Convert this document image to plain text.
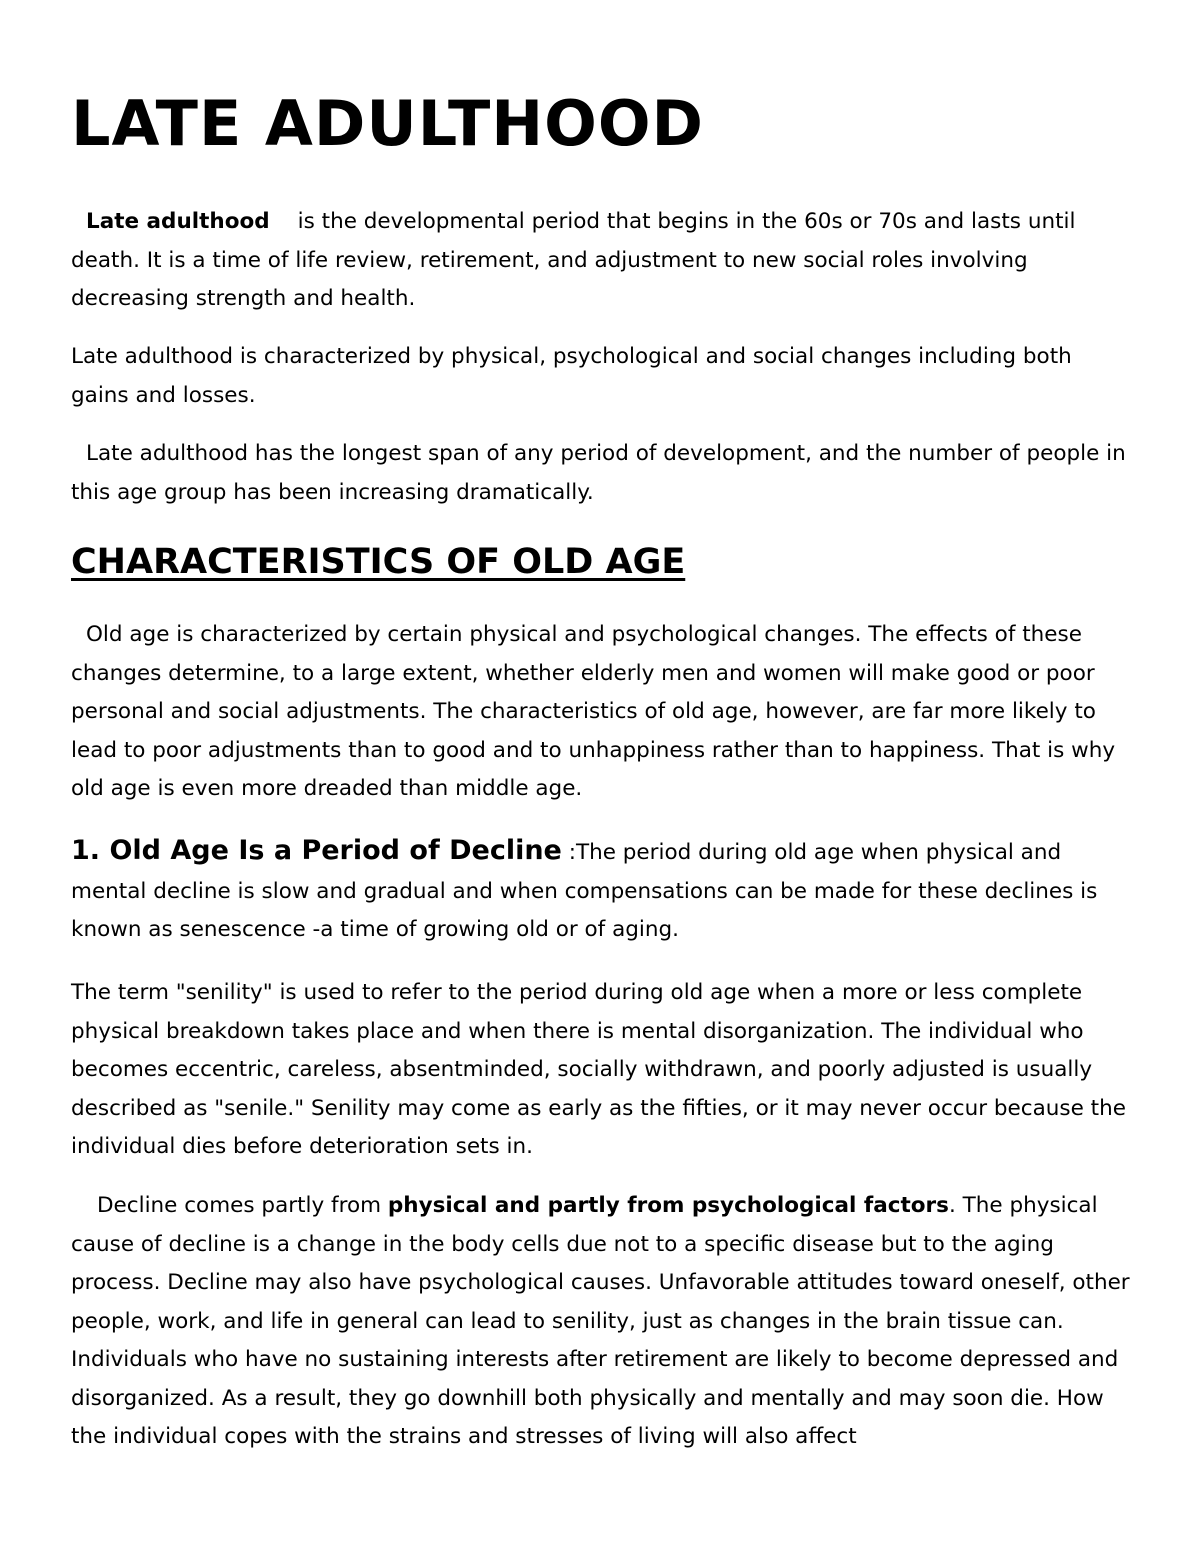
LATE ADULTHOOD

Late adulthood is the developmental period that begins in the 60s or 70s and lasts until death. It is a time of life review, retirement, and adjustment to new social roles involving decreasing strength and health.

Late adulthood is characterized by physical, psychological and social changes including both gains and losses.

Late adulthood has the longest span of any period of development, and the number of people in this age group has been increasing dramatically.

CHARACTERISTICS OF OLD AGE

Old age is characterized by certain physical and psychological changes. The effects of these changes determine, to a large extent, whether elderly men and women will make good or poor personal and social adjustments. The characteristics of old age, however, are far more likely to lead to poor adjustments than to good and to unhappiness rather than to happiness. That is why old age is even more dreaded than middle age.

1. Old Age Is a Period of Decline :The period during old age when physical and mental decline is slow and gradual and when compensations can be made for these declines is known as senescence -a time of growing old or of aging.

The term "senility" is used to refer to the period during old age when a more or less complete physical breakdown takes place and when there is mental disorganization. The individual who becomes eccentric, careless, absentminded, socially withdrawn, and poorly adjusted is usually described as "senile." Senility may come as early as the fifties, or it may never occur because the individual dies before deterioration sets in.

Decline comes partly from physical and partly from psychological factors. The physical cause of decline is a change in the body cells due not to a specific disease but to the aging process. Decline may also have psychological causes. Unfavorable attitudes toward oneself, other people, work, and life in general can lead to senility, just as changes in the brain tissue can. Individuals who have no sustaining interests after retirement are likely to become depressed and disorganized. As a result, they go downhill both physically and mentally and may soon die. How the individual copes with the strains and stresses of living will also affect
